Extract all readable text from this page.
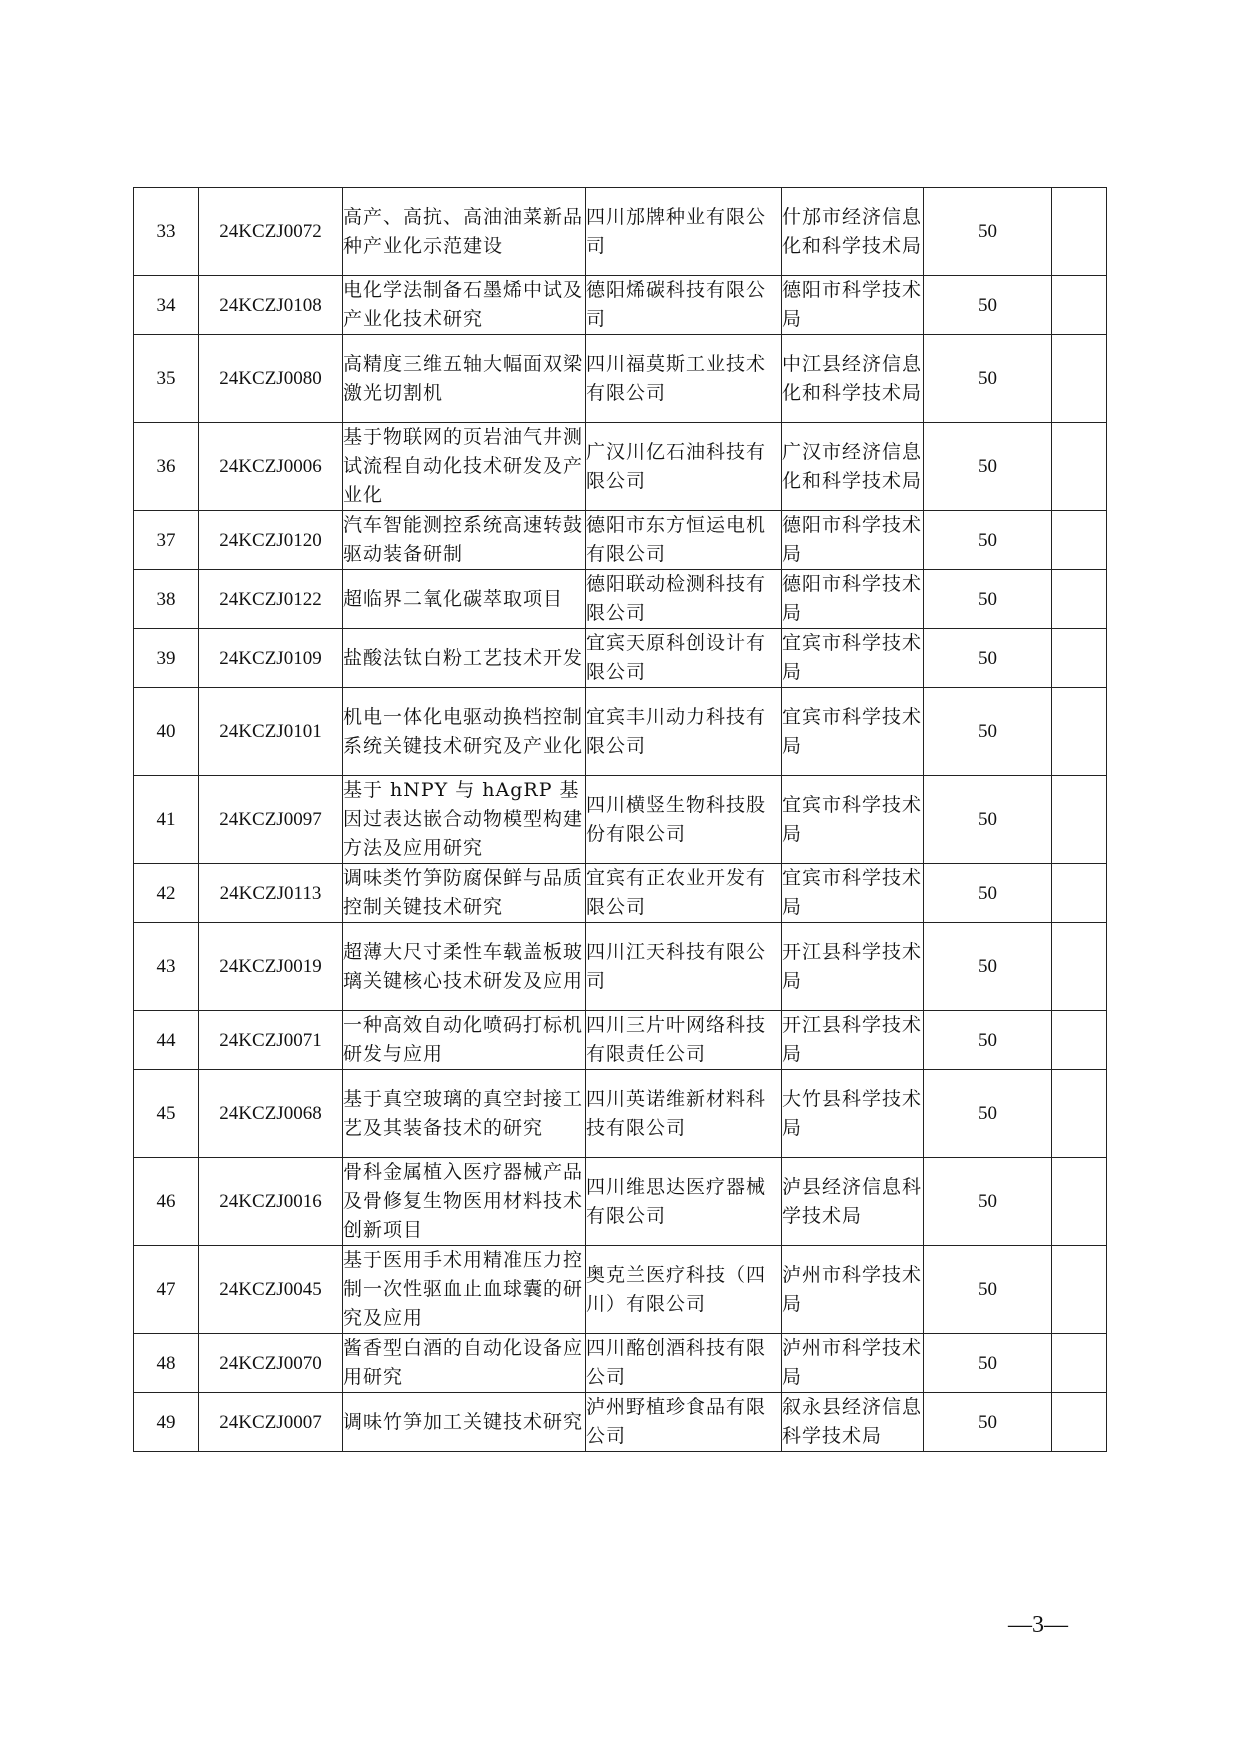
33	24KCZJ0072	高产、高抗、高油油菜新品种产业化示范建设	四川邡牌种业有限公司	什邡市经济信息化和科学技术局	50	
34	24KCZJ0108	电化学法制备石墨烯中试及产业化技术研究	德阳烯碳科技有限公司	德阳市科学技术局	50	
35	24KCZJ0080	高精度三维五轴大幅面双梁激光切割机	四川福莫斯工业技术有限公司	中江县经济信息化和科学技术局	50	
36	24KCZJ0006	基于物联网的页岩油气井测试流程自动化技术研发及产业化	广汉川亿石油科技有限公司	广汉市经济信息化和科学技术局	50	
37	24KCZJ0120	汽车智能测控系统高速转鼓驱动装备研制	德阳市东方恒运电机有限公司	德阳市科学技术局	50	
38	24KCZJ0122	超临界二氧化碳萃取项目	德阳联动检测科技有限公司	德阳市科学技术局	50	
39	24KCZJ0109	盐酸法钛白粉工艺技术开发	宜宾天原科创设计有限公司	宜宾市科学技术局	50	
40	24KCZJ0101	机电一体化电驱动换档控制系统关键技术研究及产业化	宜宾丰川动力科技有限公司	宜宾市科学技术局	50	
41	24KCZJ0097	基于 hNPY 与 hAgRP 基因过表达嵌合动物模型构建方法及应用研究	四川横竖生物科技股份有限公司	宜宾市科学技术局	50	
42	24KCZJ0113	调味类竹笋防腐保鲜与品质控制关键技术研究	宜宾有正农业开发有限公司	宜宾市科学技术局	50	
43	24KCZJ0019	超薄大尺寸柔性车载盖板玻璃关键核心技术研发及应用	四川江天科技有限公司	开江县科学技术局	50	
44	24KCZJ0071	一种高效自动化喷码打标机研发与应用	四川三片叶网络科技有限责任公司	开江县科学技术局	50	
45	24KCZJ0068	基于真空玻璃的真空封接工艺及其装备技术的研究	四川英诺维新材料科技有限公司	大竹县科学技术局	50	
46	24KCZJ0016	骨科金属植入医疗器械产品及骨修复生物医用材料技术创新项目	四川维思达医疗器械有限公司	泸县经济信息科学技术局	50	
47	24KCZJ0045	基于医用手术用精准压力控制一次性驱血止血球囊的研究及应用	奥克兰医疗科技（四川）有限公司	泸州市科学技术局	50	
48	24KCZJ0070	酱香型白酒的自动化设备应用研究	四川酩创酒科技有限公司	泸州市科学技术局	50	
49	24KCZJ0007	调味竹笋加工关键技术研究	泸州野植珍食品有限公司	叙永县经济信息科学技术局	50	
—3—
